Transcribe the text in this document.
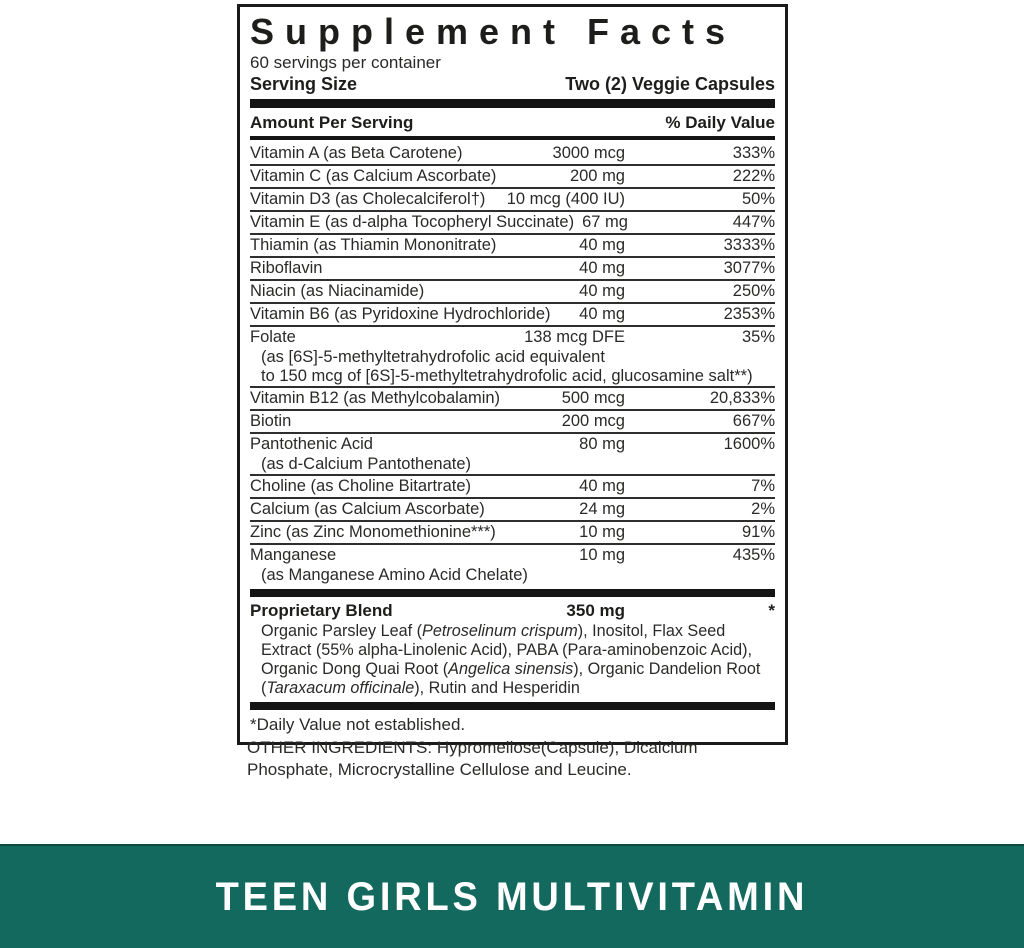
Supplement Facts
60 servings per container
Serving Size	Two (2) Veggie Capsules
Amount Per Serving	% Daily Value
Vitamin A (as Beta Carotene)	3000 mcg	333%
Vitamin C (as Calcium Ascorbate)	200 mg	222%
Vitamin D3 (as Cholecalciferol†)	10 mcg (400 IU)	50%
Vitamin E (as d-alpha Tocopheryl Succinate) 67 mg	447%
Thiamin (as Thiamin Mononitrate)	40 mg	3333%
Riboflavin	40 mg	3077%
Niacin (as Niacinamide)	40 mg	250%
Vitamin B6 (as Pyridoxine Hydrochloride)	40 mg	2353%
Folate	138 mcg DFE	35%
(as [6S]-5-methyltetrahydrofolic acid equivalent
to 150 mcg of [6S]-5-methyltetrahydrofolic acid, glucosamine salt**)
Vitamin B12 (as Methylcobalamin)	500 mcg	20,833%
Biotin	200 mcg	667%
Pantothenic Acid	80 mg	1600%
(as d-Calcium Pantothenate)
Choline (as Choline Bitartrate)	40 mg	7%
Calcium (as Calcium Ascorbate)	24 mg	2%
Zinc (as Zinc Monomethionine***)	10 mg	91%
Manganese	10 mg	435%
(as Manganese Amino Acid Chelate)
Proprietary Blend	350 mg	*

Organic Parsley Leaf (Petroselinum crispum), Inositol, Flax Seed Extract (55% alpha-Linolenic Acid), PABA (Para-aminobenzoic Acid), Organic Dong Quai Root (Angelica sinensis), Organic Dandelion Root (Taraxacum officinale), Rutin and Hesperidin

*Daily Value not established.
OTHER INGREDIENTS: Hypromellose(Capsule), Dicalcium Phosphate, Microcrystalline Cellulose and Leucine.
TEEN GIRLS MULTIVITAMIN
